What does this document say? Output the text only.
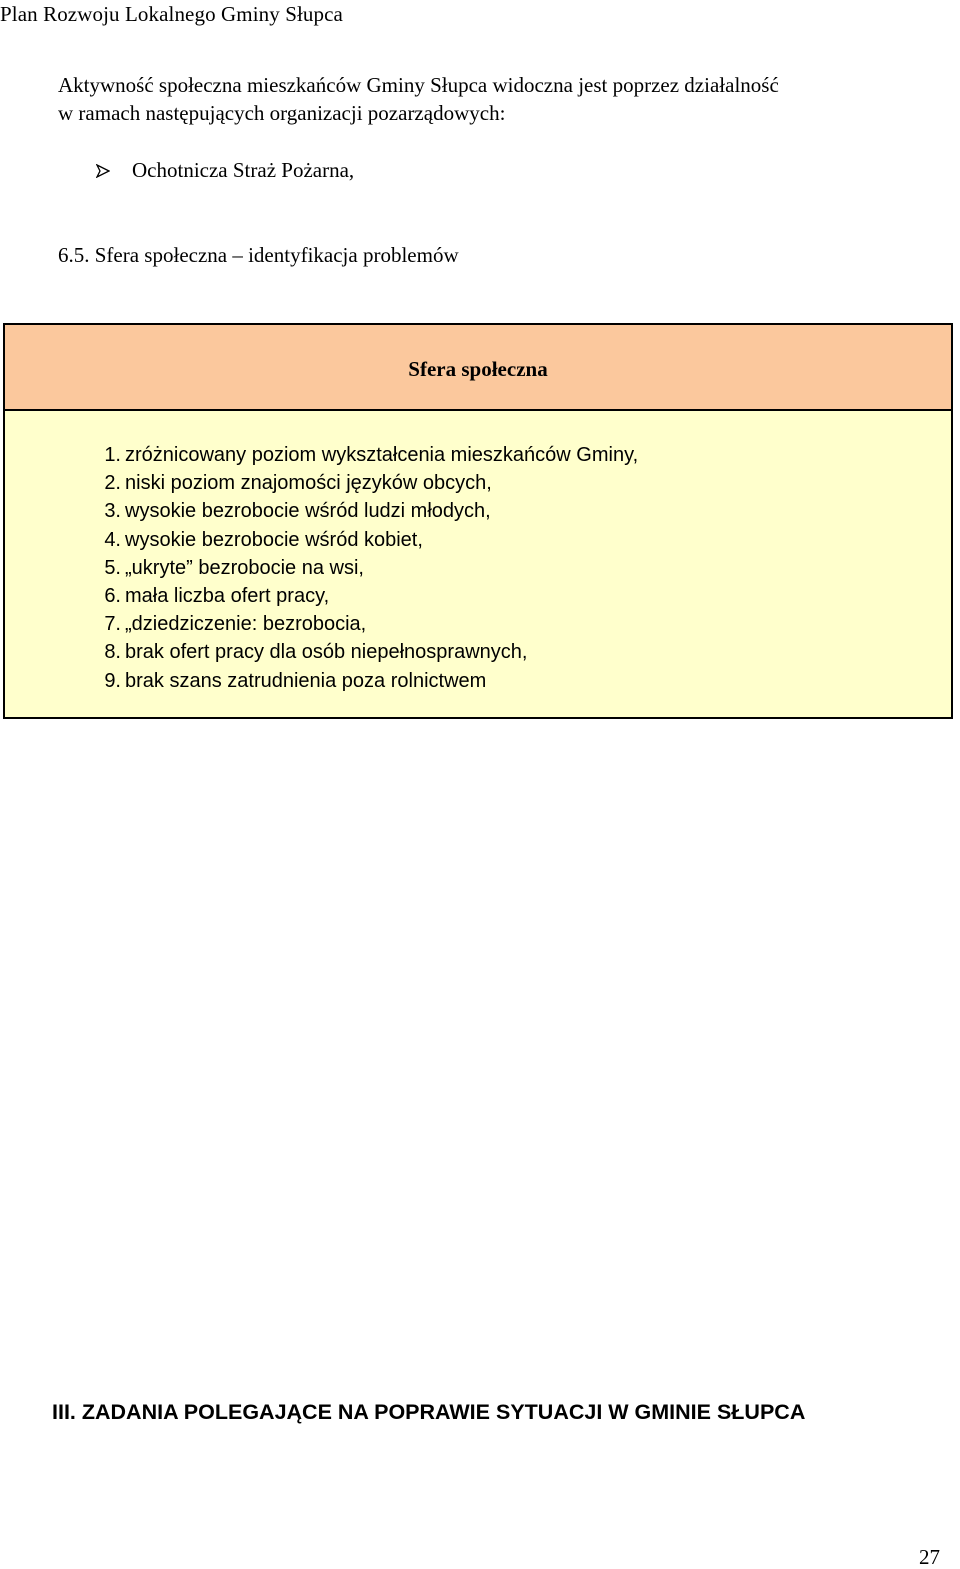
Plan Rozwoju Lokalnego Gminy Słupca

Aktywność społeczna mieszkańców Gminy Słupca widoczna jest poprzez działalność
w ramach następujących organizacji pozarządowych:

Ochotnicza Straż Pożarna,
6.5. Sfera społeczna – identyfikacja problemów
Sfera społeczna
1. zróżnicowany poziom wykształcenia mieszkańców Gminy,
2. niski poziom znajomości języków obcych,
3. wysokie bezrobocie wśród ludzi młodych,
4. wysokie bezrobocie wśród kobiet,
5. „ukryte” bezrobocie na wsi,
6. mała liczba ofert pracy,
7. „dziedziczenie: bezrobocia,
8. brak ofert pracy dla osób niepełnosprawnych,
9. brak szans zatrudnienia poza rolnictwem
III. ZADANIA POLEGAJĄCE NA POPRAWIE SYTUACJI W GMINIE SŁUPCA
27
